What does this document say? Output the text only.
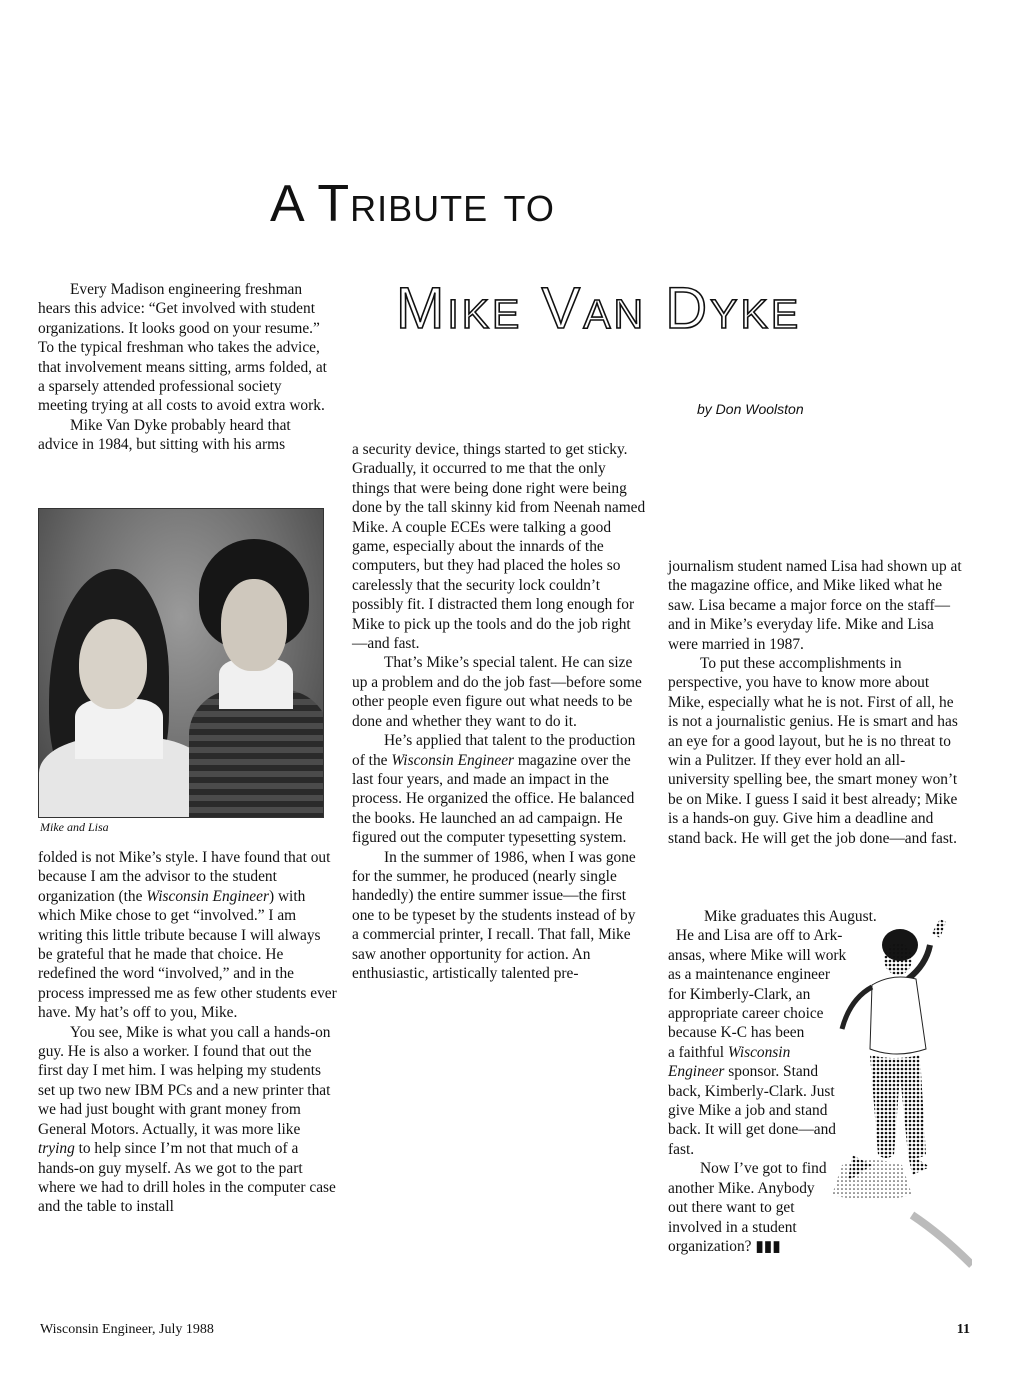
A Tribute to
Mike Van Dyke
by Don Woolston

Every Madison engineering freshman hears this advice: “Get involved with student organizations. It looks good on your resume.” To the typical freshman who takes the advice, that involvement means sitting, arms folded, at a sparsely attended professional society meeting trying at all costs to avoid extra work.

Mike Van Dyke probably heard that advice in 1984, but sitting with his arms

Mike and Lisa

folded is not Mike’s style. I have found that out because I am the advisor to the student organization (the Wisconsin Engineer) with which Mike chose to get “involved.” I am writing this little tribute because I will always be grateful that he made that choice. He redefined the word “involved,” and in the process impressed me as few other students ever have. My hat’s off to you, Mike.

You see, Mike is what you call a hands-on guy. He is also a worker. I found that out the first day I met him. I was helping my students set up two new IBM PCs and a new printer that we had just bought with grant money from General Motors. Actually, it was more like trying to help since I’m not that much of a hands-on guy myself. As we got to the part where we had to drill holes in the computer case and the table to install

a security device, things started to get sticky. Gradually, it occurred to me that the only things that were being done right were being done by the tall skinny kid from Neenah named Mike. A couple ECEs were talking a good game, especially about the innards of the computers, but they had placed the holes so carelessly that the security lock couldn’t possibly fit. I distracted them long enough for Mike to pick up the tools and do the job right—and fast.

That’s Mike’s special talent. He can size up a problem and do the job fast—before some other people even figure out what needs to be done and whether they want to do it.

He’s applied that talent to the production of the Wisconsin Engineer magazine over the last four years, and made an impact in the process. He organized the office. He balanced the books. He launched an ad campaign. He figured out the computer typesetting system.

In the summer of 1986, when I was gone for the summer, he produced (nearly single handedly) the entire summer issue—the first one to be typeset by the students instead of by a commercial printer, I recall. That fall, Mike saw another opportunity for action. An enthusiastic, artistically talented pre-

journalism student named Lisa had shown up at the magazine office, and Mike liked what he saw. Lisa became a major force on the staff—and in Mike’s everyday life. Mike and Lisa were married in 1987.

To put these accomplishments in perspective, you have to know more about Mike, especially what he is not. First of all, he is not a journalistic genius. He is smart and has an eye for a good layout, but he is no threat to win a Pulitzer. If they ever hold an all-university spelling bee, the smart money won’t be on Mike. I guess I said it best already; Mike is a hands-on guy. Give him a deadline and stand back. He will get the job done—and fast.

Mike graduates this August.

He and Lisa are off to Ark-

ansas, where Mike will work

as a maintenance engineer

for Kimberly-Clark, an

appropriate career choice

because K-C has been

a faithful Wisconsin

Engineer sponsor. Stand

back, Kimberly-Clark. Just

give Mike a job and stand

back. It will get done—and

fast.

Now I’ve got to find

another Mike. Anybody

out there want to get

involved in a student

organization? ▮▮▮

Wisconsin Engineer, July 1988	11
